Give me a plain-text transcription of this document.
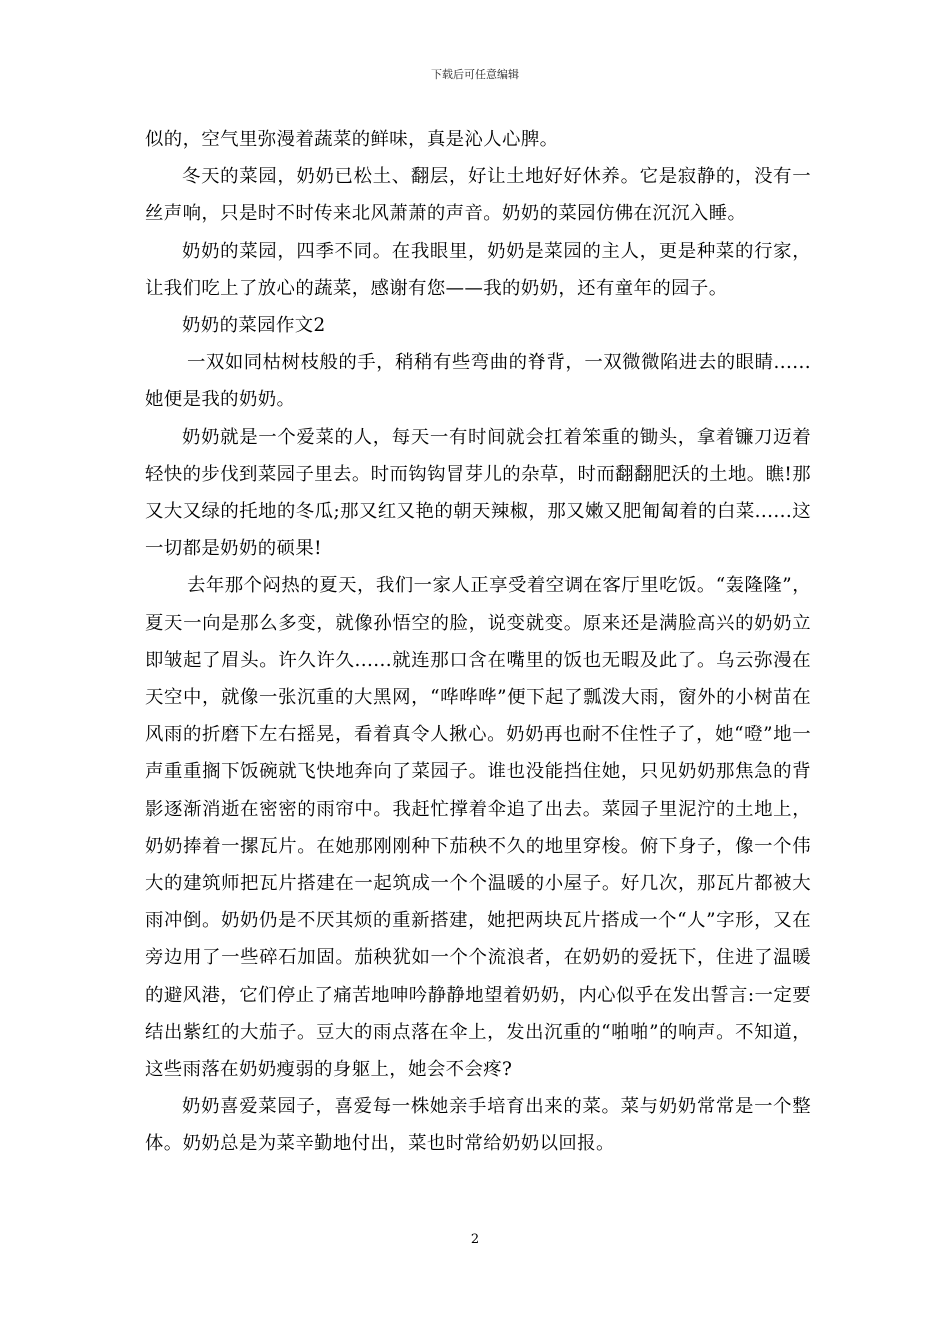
下载后可任意编辑

似的，空气里弥漫着蔬菜的鲜味，真是沁人心脾。

冬天的菜园，奶奶已松土、翻层，好让土地好好休养。它是寂静的，没有一丝声响，只是时不时传来北风萧萧的声音。奶奶的菜园仿佛在沉沉入睡。

奶奶的菜园，四季不同。在我眼里，奶奶是菜园的主人，更是种菜的行家，让我们吃上了放心的蔬菜，感谢有您——我的奶奶，还有童年的园子。

奶奶的菜园作文2

一双如同枯树枝般的手，稍稍有些弯曲的脊背，一双微微陷进去的眼睛......她便是我的奶奶。

奶奶就是一个爱菜的人，每天一有时间就会扛着笨重的锄头，拿着镰刀迈着轻快的步伐到菜园子里去。时而钩钩冒芽儿的杂草，时而翻翻肥沃的土地。瞧!那又大又绿的托地的冬瓜;那又红又艳的朝天辣椒，那又嫩又肥匍匐着的白菜......这一切都是奶奶的硕果!

去年那个闷热的夏天，我们一家人正享受着空调在客厅里吃饭。“轰隆隆”，夏天一向是那么多变，就像孙悟空的脸，说变就变。原来还是满脸高兴的奶奶立即皱起了眉头。许久许久......就连那口含在嘴里的饭也无暇及此了。乌云弥漫在天空中，就像一张沉重的大黑网，“哗哗哗”便下起了瓢泼大雨，窗外的小树苗在风雨的折磨下左右摇晃，看着真令人揪心。奶奶再也耐不住性子了，她“噔”地一声重重搁下饭碗就飞快地奔向了菜园子。谁也没能挡住她，只见奶奶那焦急的背影逐渐消逝在密密的雨帘中。我赶忙撑着伞追了出去。菜园子里泥泞的土地上，奶奶捧着一摞瓦片。在她那刚刚种下茄秧不久的地里穿梭。俯下身子，像一个伟大的建筑师把瓦片搭建在一起筑成一个个温暖的小屋子。好几次，那瓦片都被大雨冲倒。奶奶仍是不厌其烦的重新搭建，她把两块瓦片搭成一个“人”字形，又在旁边用了一些碎石加固。茄秧犹如一个个流浪者，在奶奶的爱抚下，住进了温暖的避风港，它们停止了痛苦地呻吟静静地望着奶奶，内心似乎在发出誓言:一定要结出紫红的大茄子。豆大的雨点落在伞上，发出沉重的“啪啪”的响声。不知道，这些雨落在奶奶瘦弱的身躯上，她会不会疼?

奶奶喜爱菜园子，喜爱每一株她亲手培育出来的菜。菜与奶奶常常是一个整体。奶奶总是为菜辛勤地付出，菜也时常给奶奶以回报。

2
